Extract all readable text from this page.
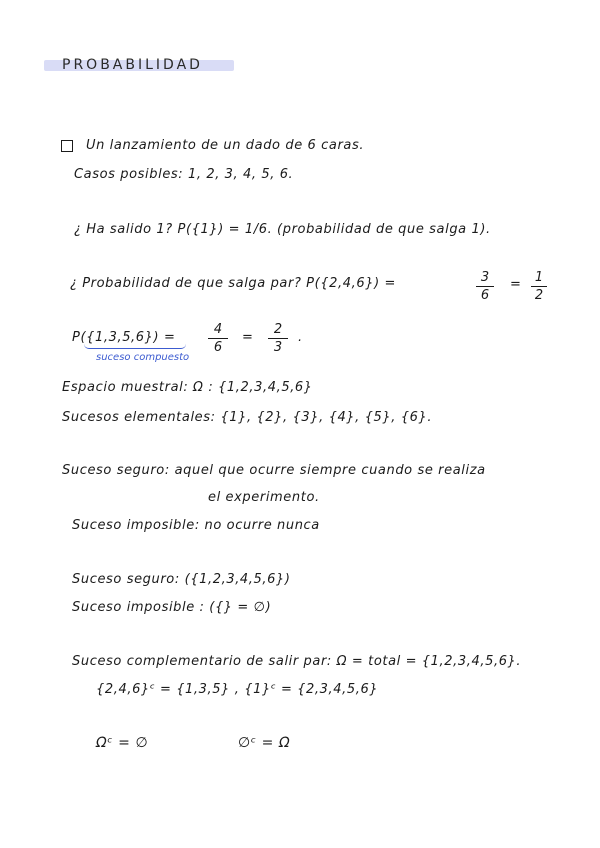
PROBABILIDAD
Un lanzamiento de un dado de 6 caras.
Casos posibles: 1, 2, 3, 4, 5, 6.
¿ Ha salido 1? P({1}) = 1/6. (probabilidad de que salga 1).
¿ Probabilidad de que salga par? P({2,4,6}) =	3
6
= 1
2
P({1,3,5,6}) =
4
6
=
2
3
.
suceso compuesto
Espacio muestral: Ω : {1,2,3,4,5,6}
Sucesos elementales: {1}, {2}, {3}, {4}, {5}, {6}.
Suceso seguro: aquel que ocurre siempre cuando se realiza
el experimento.
Suceso imposible: no ocurre nunca
Suceso seguro: ({1,2,3,4,5,6})
Suceso imposible : ({} = ∅)
Suceso complementario de salir par: Ω = total = {1,2,3,4,5,6}.
{2,4,6}ᶜ = {1,3,5} , {1}ᶜ = {2,3,4,5,6}
Ωᶜ = ∅	∅ᶜ = Ω
